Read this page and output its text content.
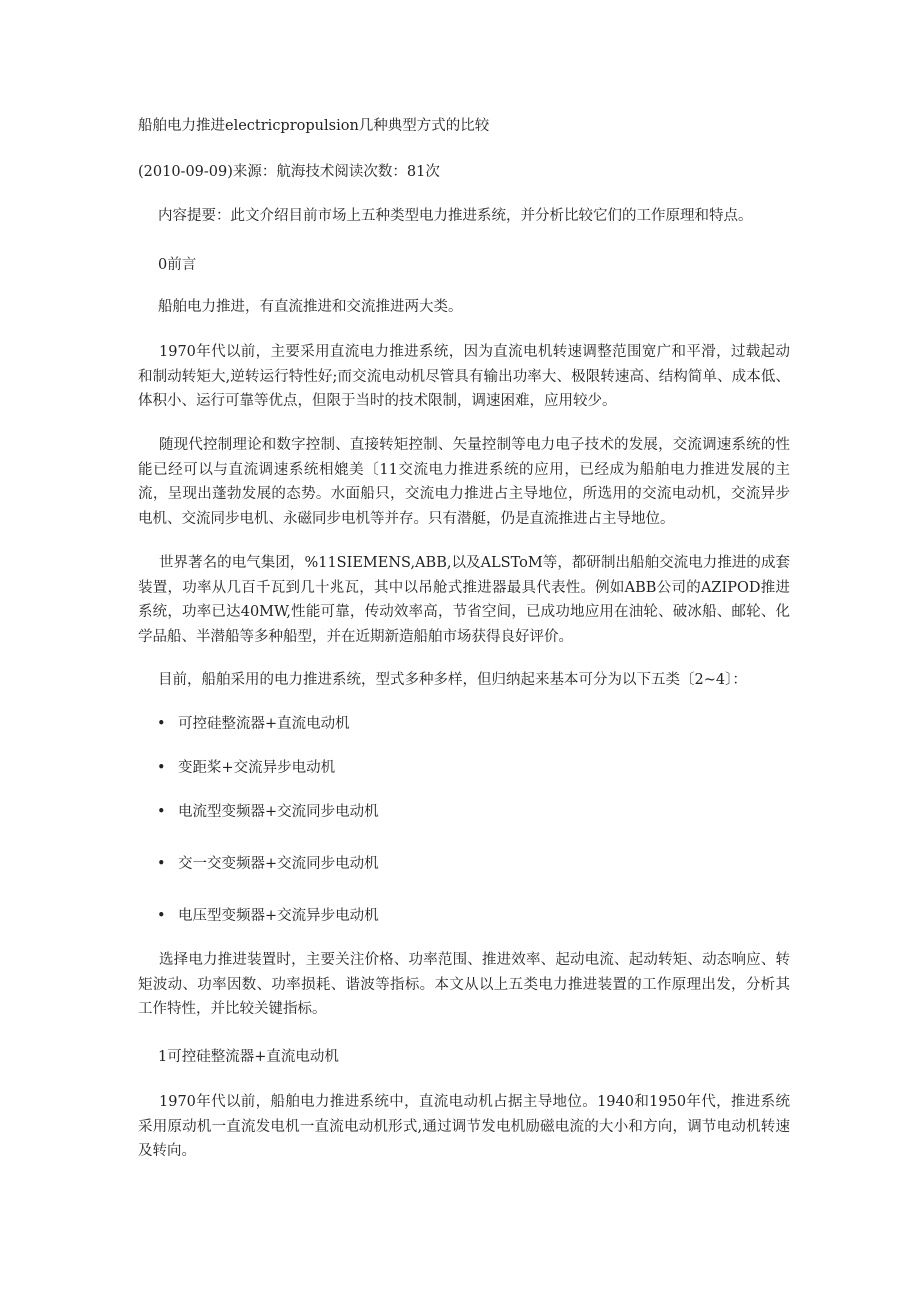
船舶电力推进electricpropulsion几种典型方式的比较

(2010-09-09)来源：航海技术阅读次数：81次

内容提要：此文介绍目前市场上五种类型电力推进系统，并分析比较它们的工作原理和特点。

0前言

船舶电力推进，有直流推进和交流推进两大类。

1970年代以前，主要采用直流电力推进系统，因为直流电机转速调整范围宽广和平滑，过载起动和制动转矩大,逆转运行特性好;而交流电动机尽管具有输出功率大、极限转速高、结构简单、成本低、体积小、运行可靠等优点，但限于当时的技术限制，调速困难，应用较少。

随现代控制理论和数字控制、直接转矩控制、矢量控制等电力电子技术的发展，交流调速系统的性能已经可以与直流调速系统相媲美〔11交流电力推进系统的应用，已经成为船舶电力推进发展的主流，呈现出蓬勃发展的态势。水面船只，交流电力推进占主导地位，所选用的交流电动机，交流异步电机、交流同步电机、永磁同步电机等并存。只有潜艇，仍是直流推进占主导地位。

世界著名的电气集团，%11SIEMENS,ABB,以及ALSToM等，都研制出船舶交流电力推进的成套装置，功率从几百千瓦到几十兆瓦，其中以吊舱式推进器最具代表性。例如ABB公司的AZIPOD推进系统，功率已达40MW,性能可靠，传动效率高，节省空间，已成功地应用在油轮、破冰船、邮轮、化学品船、半潜船等多种船型，并在近期新造船舶市场获得良好评价。

目前，船舶采用的电力推进系统，型式多种多样，但归纳起来基本可分为以下五类〔2~4〕：

• 可控硅整流器+直流电动机
• 变距桨+交流异步电动机
• 电流型变频器+交流同步电动机
• 交一交变频器+交流同步电动机
• 电压型变频器+交流异步电动机

选择电力推进装置时，主要关注价格、功率范围、推进效率、起动电流、起动转矩、动态响应、转矩波动、功率因数、功率损耗、谐波等指标。本文从以上五类电力推进装置的工作原理出发，分析其工作特性，并比较关键指标。

1可控硅整流器+直流电动机

1970年代以前，船舶电力推进系统中，直流电动机占据主导地位。1940和1950年代，推进系统采用原动机一直流发电机一直流电动机形式,通过调节发电机励磁电流的大小和方向，调节电动机转速及转向。
